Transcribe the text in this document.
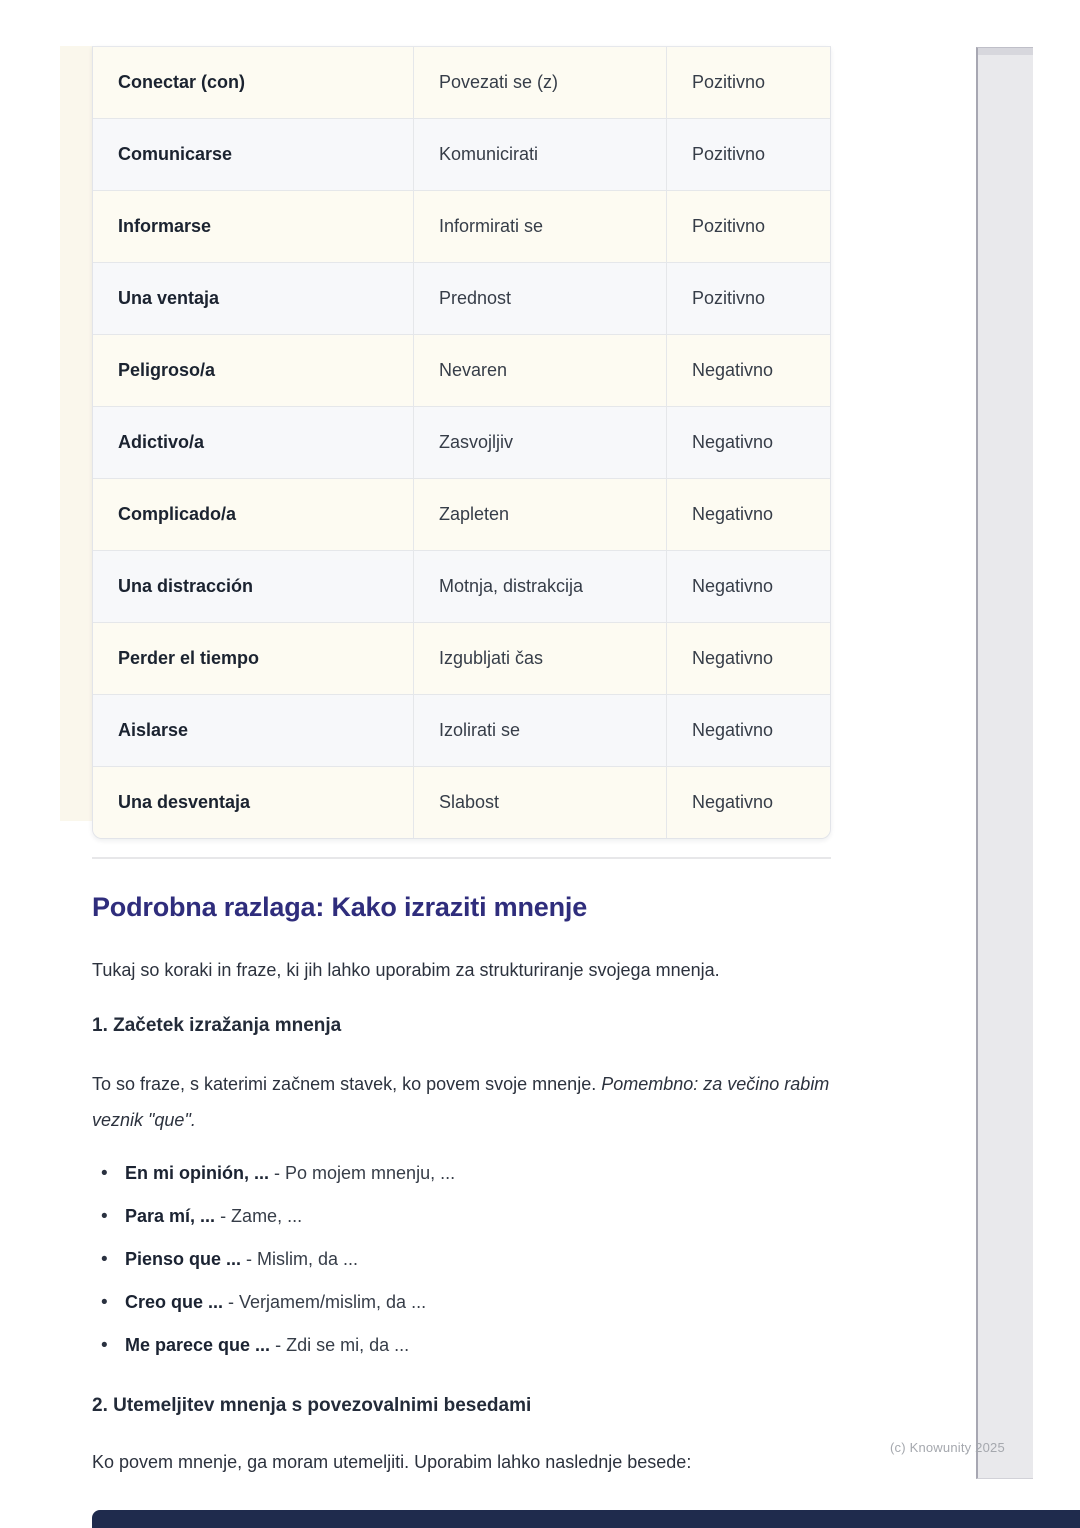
Conectar (con)	Povezati se (z)	Pozitivno
Comunicarse	Komunicirati	Pozitivno
Informarse	Informirati se	Pozitivno
Una ventaja	Prednost	Pozitivno
Peligroso/a	Nevaren	Negativno
Adictivo/a	Zasvojljiv	Negativno
Complicado/a	Zapleten	Negativno
Una distracción	Motnja, distrakcija	Negativno
Perder el tiempo	Izgubljati čas	Negativno
Aislarse	Izolirati se	Negativno
Una desventaja	Slabost	Negativno
Podrobna razlaga: Kako izraziti mnenje

Tukaj so koraki in fraze, ki jih lahko uporabim za strukturiranje svojega mnenja.

1. Začetek izražanja mnenja

To so fraze, s katerimi začnem stavek, ko povem svoje mnenje. Pomembno: za večino rabim veznik "que".

• En mi opinión, ... - Po mojem mnenju, ...
• Para mí, ... - Zame, ...
• Pienso que ... - Mislim, da ...
• Creo que ... - Verjamem/mislim, da ...
• Me parece que ... - Zdi se mi, da ...
2. Utemeljitev mnenja s povezovalnimi besedami

Ko povem mnenje, ga moram utemeljiti. Uporabim lahko naslednje besede:

(c) Knowunity 2025
